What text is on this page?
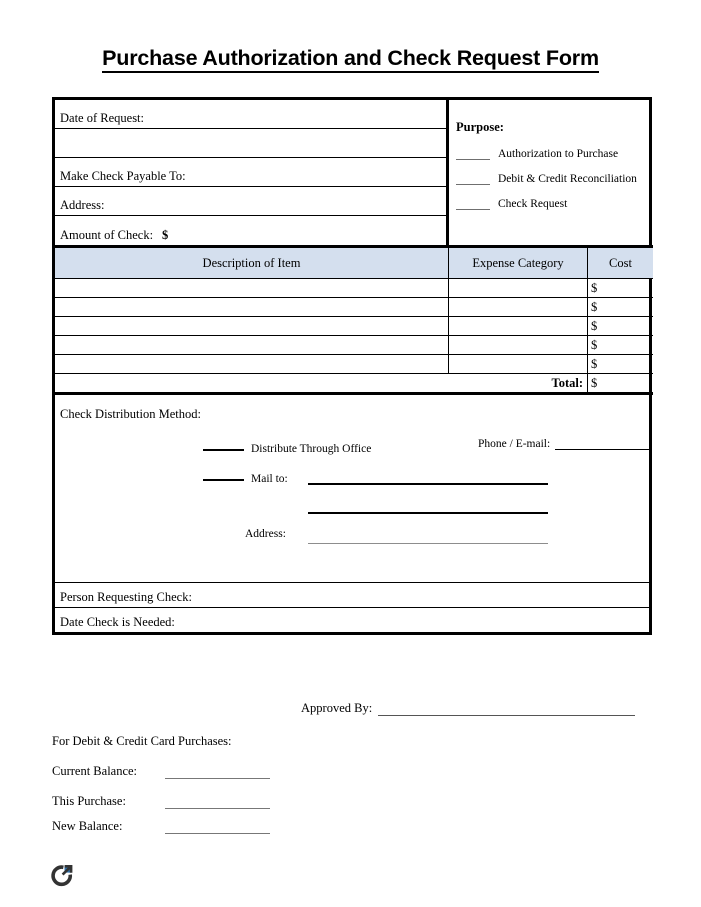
Purchase Authorization and Check Request Form
Date of Request:
Make Check Payable To:
Address:
Amount of Check: $
Purpose:
Authorization to Purchase
Debit & Credit Reconciliation
Check Request
Description of Item	Expense Category	Cost
		$
		$
		$
		$
		$
Total:		$
Check Distribution Method:
Distribute Through Office
Mail to:
Address:
Phone / E-mail:
Person Requesting Check:
Date Check is Needed:
Approved By:
For Debit & Credit Card Purchases:
Current Balance:
This Purchase:
New Balance:
